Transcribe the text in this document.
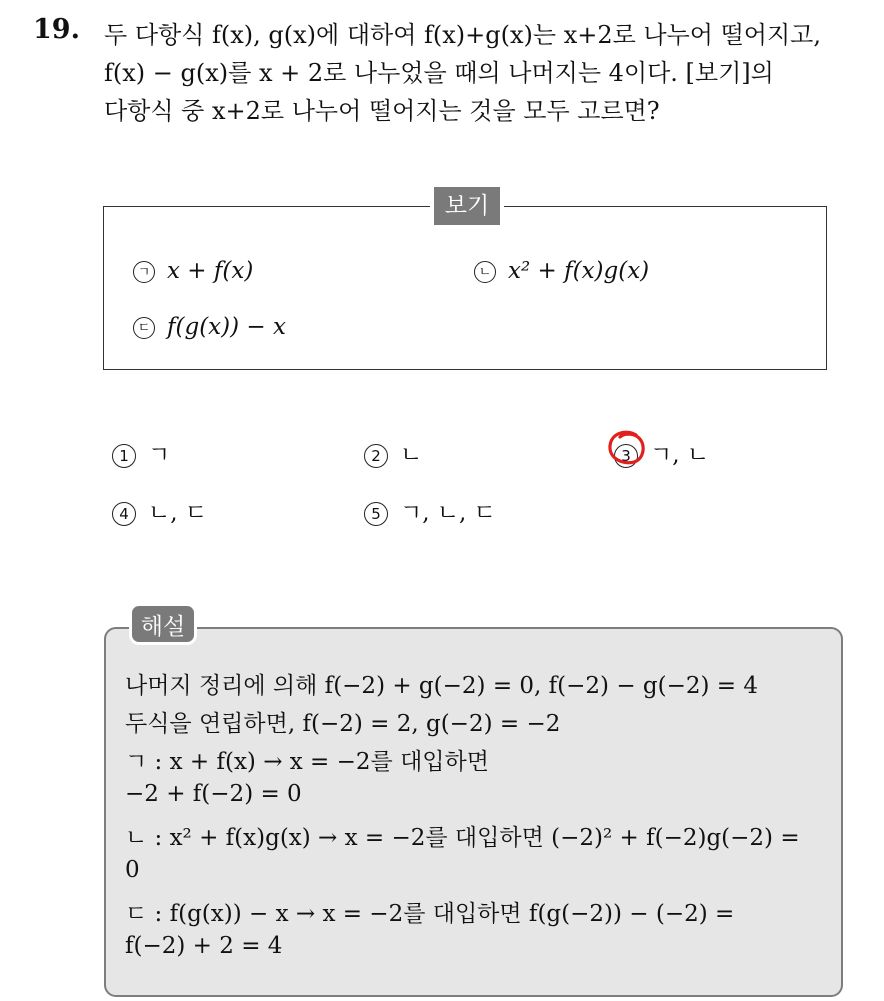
19. 두 다항식 f(x), g(x)에 대하여 f(x)+g(x)는 x+2로 나누어 떨어지고,
f(x) − g(x)를 x + 2로 나누었을 때의 나머지는 4이다. [보기]의
다항식 중 x+2로 나누어 떨어지는 것을 모두 고르면?
보기
ㄱ x + f(x)	ㄴ x² + f(x)g(x)
ㄷ f(g(x)) − x
1 ㄱ	2 ㄴ	3 ㄱ, ㄴ
4 ㄴ, ㄷ	5 ㄱ, ㄴ, ㄷ
해설
나머지 정리에 의해 f(−2) + g(−2) = 0, f(−2) − g(−2) = 4
두식을 연립하면, f(−2) = 2, g(−2) = −2
ㄱ : x + f(x) → x = −2를 대입하면
−2 + f(−2) = 0
ㄴ : x² + f(x)g(x) → x = −2를 대입하면 (−2)² + f(−2)g(−2) =
0
ㄷ : f(g(x)) − x → x = −2를 대입하면 f(g(−2)) − (−2) =
f(−2) + 2 = 4
